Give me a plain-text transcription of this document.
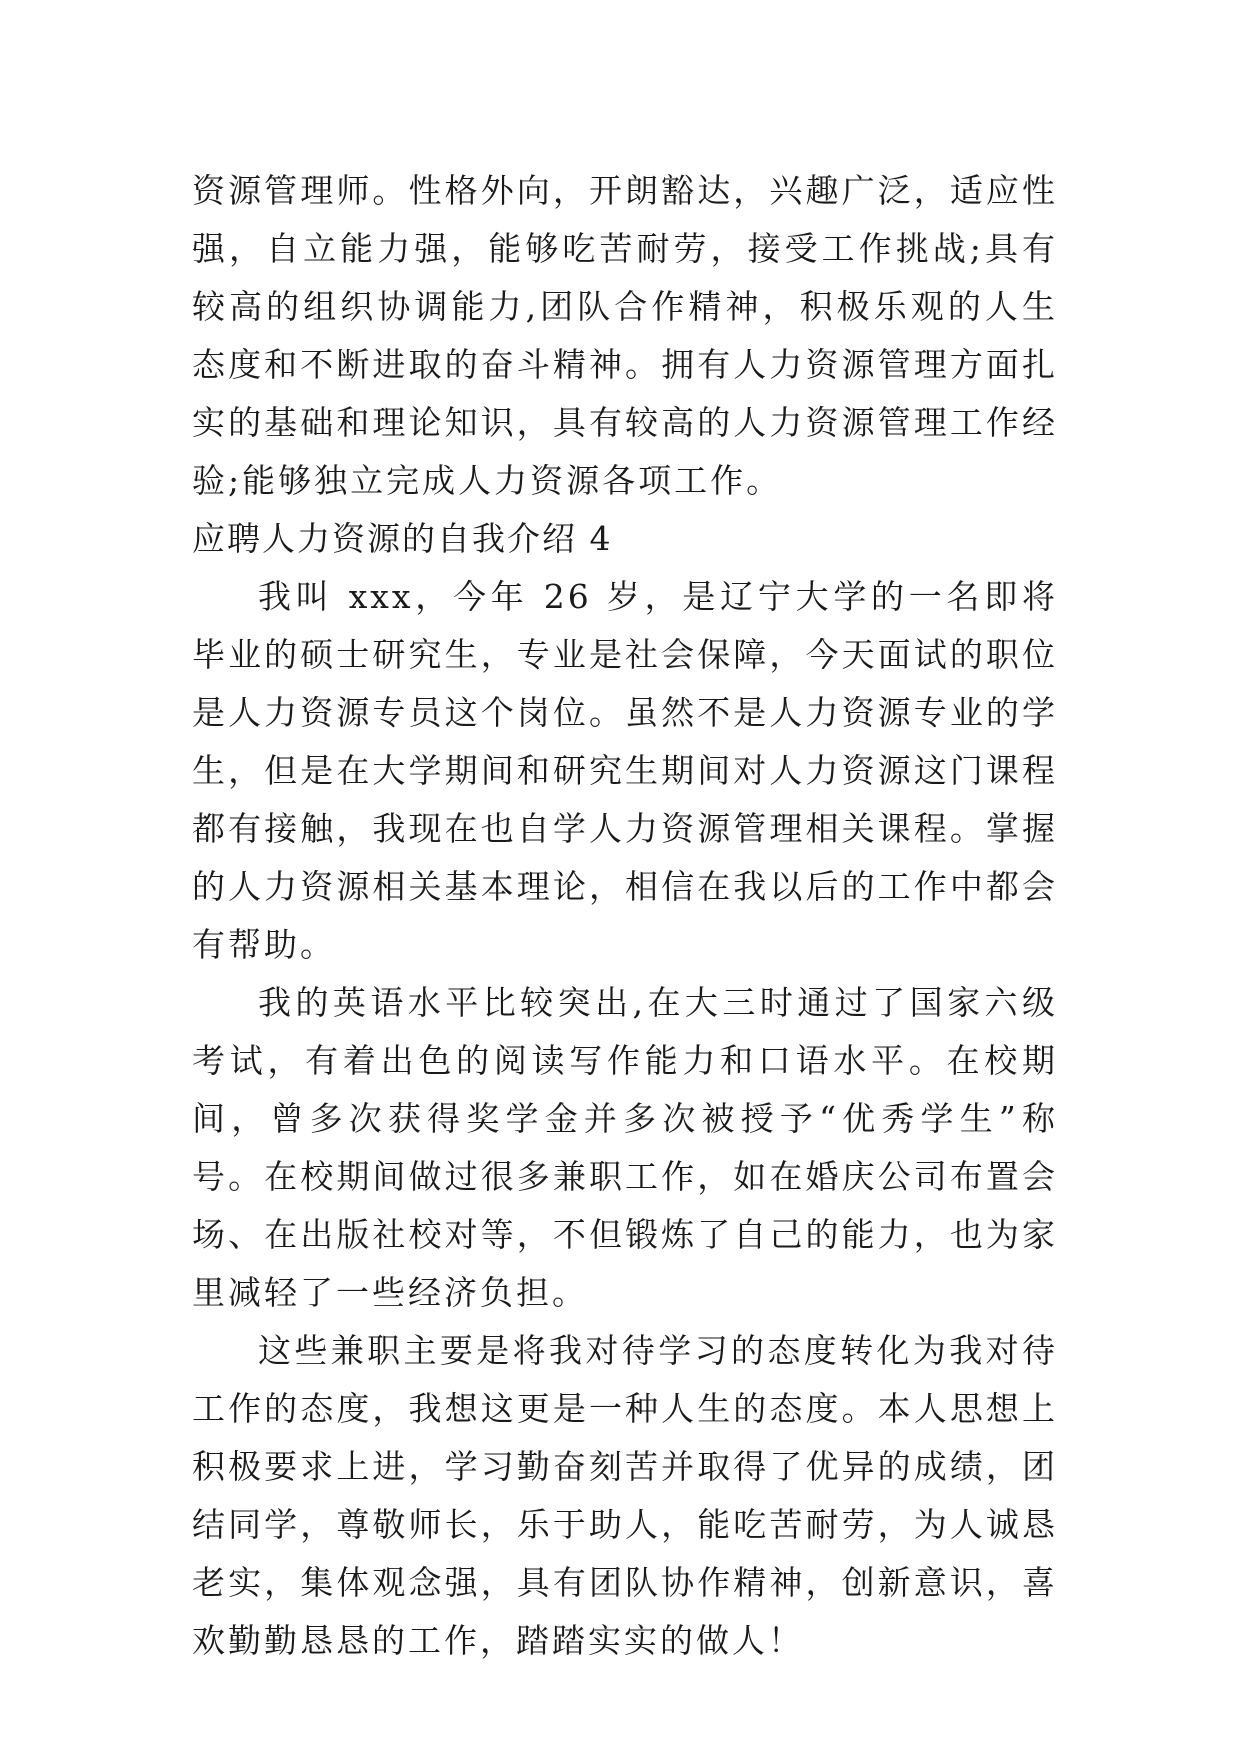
资源管理师。性格外向，开朗豁达，兴趣广泛，适应性强，自立能力强，能够吃苦耐劳，接受工作挑战;具有较高的组织协调能力,团队合作精神，积极乐观的人生态度和不断进取的奋斗精神。拥有人力资源管理方面扎实的基础和理论知识，具有较高的人力资源管理工作经验;能够独立完成人力资源各项工作。

应聘人力资源的自我介绍 4

我叫 xxx，今年 26 岁，是辽宁大学的一名即将毕业的硕士研究生，专业是社会保障，今天面试的职位是人力资源专员这个岗位。虽然不是人力资源专业的学生，但是在大学期间和研究生期间对人力资源这门课程都有接触，我现在也自学人力资源管理相关课程。掌握的人力资源相关基本理论，相信在我以后的工作中都会有帮助。

我的英语水平比较突出,在大三时通过了国家六级考试，有着出色的阅读写作能力和口语水平。在校期间，曾多次获得奖学金并多次被授予“优秀学生”称号。在校期间做过很多兼职工作，如在婚庆公司布置会场、在出版社校对等，不但锻炼了自己的能力，也为家里减轻了一些经济负担。

这些兼职主要是将我对待学习的态度转化为我对待工作的态度，我想这更是一种人生的态度。本人思想上积极要求上进，学习勤奋刻苦并取得了优异的成绩，团结同学，尊敬师长，乐于助人，能吃苦耐劳，为人诚恳老实，集体观念强，具有团队协作精神，创新意识，喜欢勤勤恳恳的工作，踏踏实实的做人！
